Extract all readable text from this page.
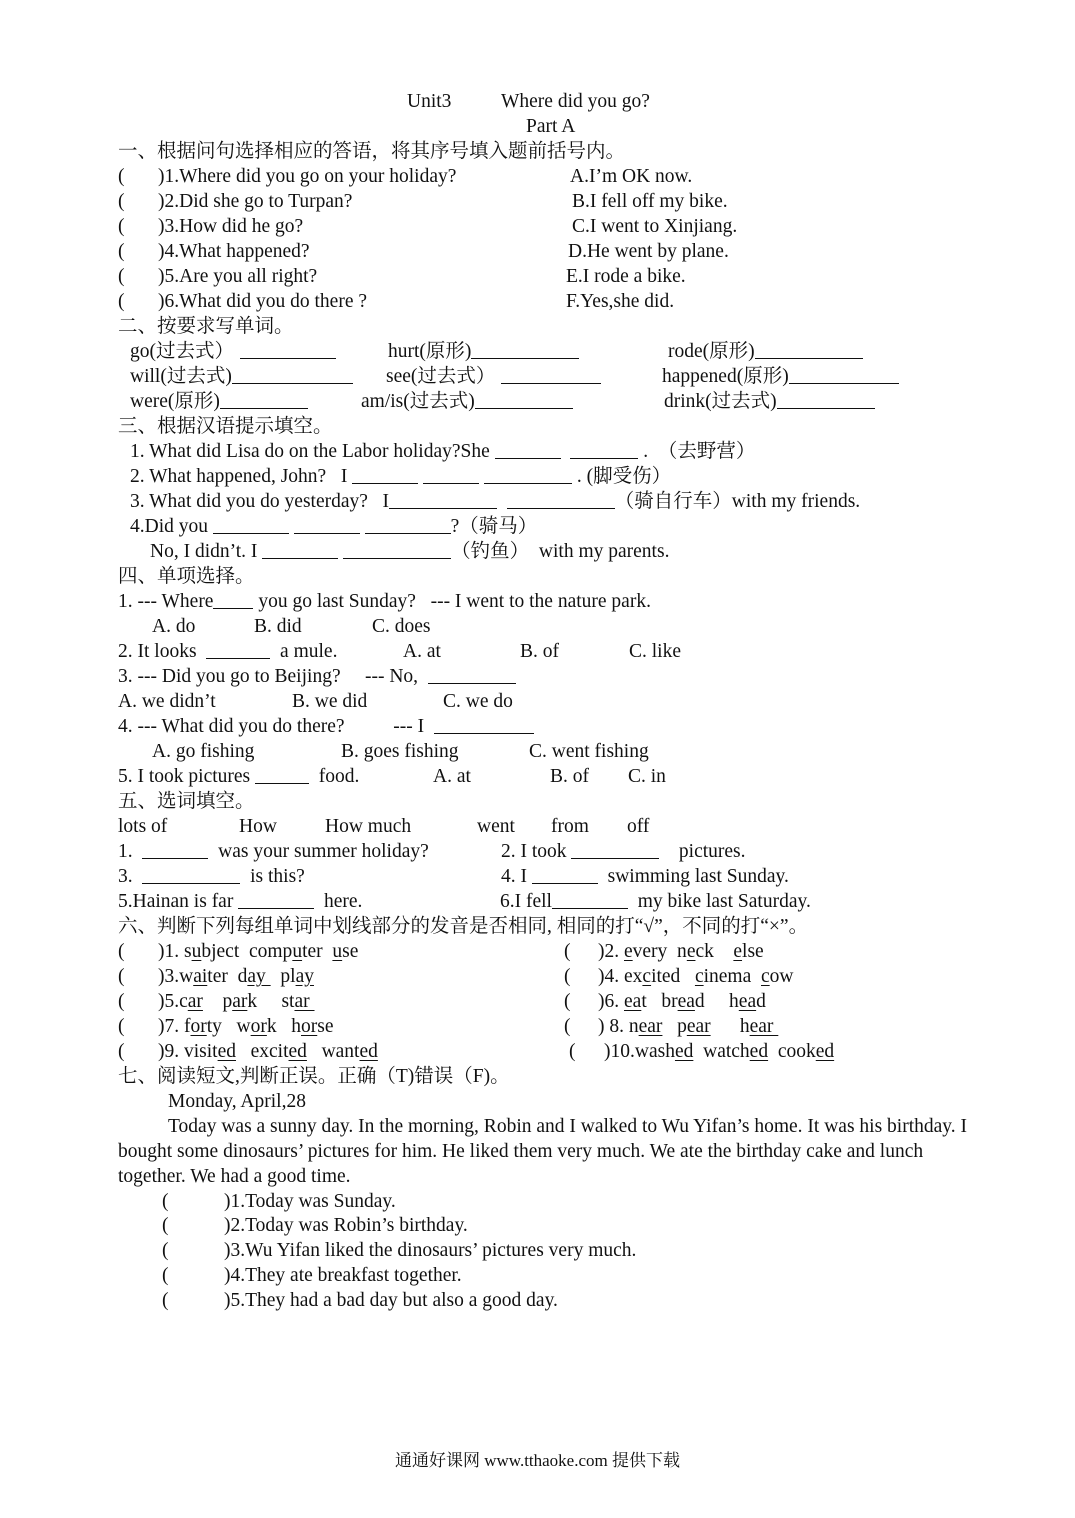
Unit3	Where did you go?
Part A
一、根据问句选择相应的答语，将其序号填入题前括号内。
( )1.Where did you go on your holiday?	A.I’m OK now.
( )2.Did she go to Turpan?	B.I fell off my bike.
( )3.How did he go?	C.I went to Xinjiang.
( )4.What happened?	D.He went by plane.
( )5.Are you all right?	E.I rode a bike.
( )6.What did you do there ?	F.Yes,she did.
二、按要求写单词。
go(过去式）	hurt(原形)	rode(原形)
will(过去式)	see(过去式）	happened(原形)
were(原形)	am/is(过去式)	drink(过去式)
三、根据汉语提示填空。
1. What did Lisa do on the Labor holiday?She	.  （去野营）
2. What happened, John?   I	. (脚受伤）
3. What did you do yesterday?   I	（骑自行车）with my friends.
4.Did you	?（骑马）
No, I didn’t. I	（钓鱼）  with my parents.
四、单项选择。
1. --- Where you go last Sunday?   --- I went to the nature park.
A. do	B. did	C. does
2. It looks	a mule.	A. at	B. of	C. like
3. --- Did you go to Beijing?     --- No,
A. we didn’t	B. we did	C. we do
4. --- What did you do there?          --- I
A. go fishing	B. goes fishing	C. went fishing
5. I took pictures	food.	A. at	B. of C. in
五、选词填空。
lots of	How How much	went from off
1.	was your summer holiday?	2. I took	pictures.
3.	is this?	4. I	swimming last Sunday.
5.Hainan is far	here.	6.I fell	my bike last Saturday.
六、判断下列每组单词中划线部分的发音是否相同, 相同的打“√”，不同的打“×”。
( )1. subject  computer  use	( )2. every  neck    else
( )3.waiter  day   play	( )4. excited   cinema  cow
( )5.car    park     star	( )6. eat   bread     head
( )7. forty   work   horse	( ) 8. near   pear      hear
( )9. visited   excited   wanted	( )10.washed  watched  cooked
七、阅读短文,判断正误。正确（T)错误（F)。
Monday, April,28
Today was a sunny day. In the morning, Robin and I walked to Wu Yifan’s home. It was his birthday. I bought some dinosaurs’ pictures for him. He liked them very much. We ate the birthday cake and lunch together. We had a good time.
(	)1.Today was Sunday.
(	)2.Today was Robin’s birthday.
(	)3.Wu Yifan liked the dinosaurs’ pictures very much.
(	)4.They ate breakfast together.
(	)5.They had a bad day but also a good day.
通通好课网 www.tthaoke.com 提供下载
